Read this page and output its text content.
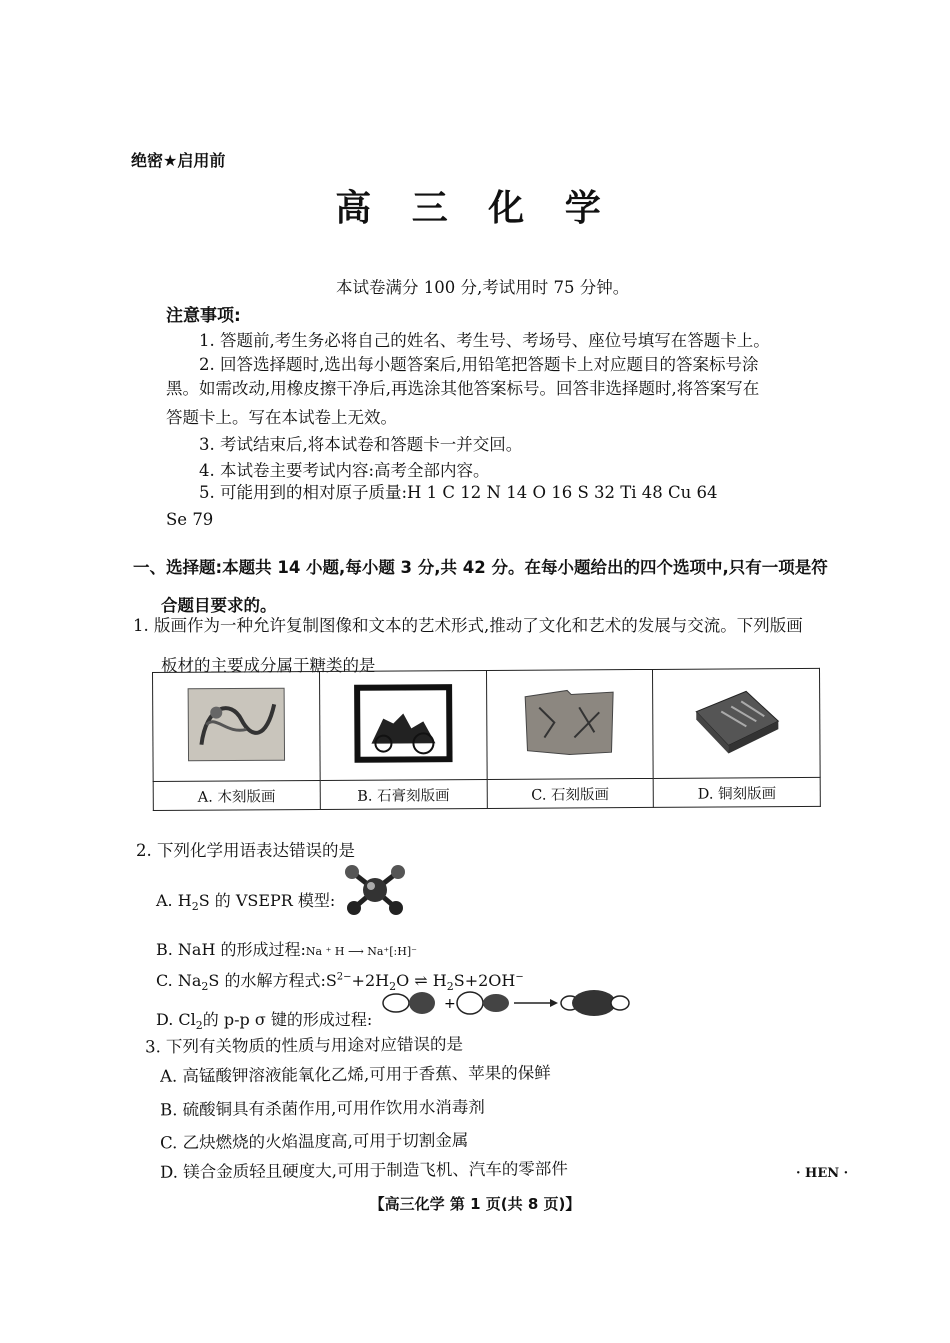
绝密★启用前
高 三 化 学
本试卷满分 100 分,考试用时 75 分钟。
注意事项:
1. 答题前,考生务必将自己的姓名、考生号、考场号、座位号填写在答题卡上。
2. 回答选择题时,选出每小题答案后,用铅笔把答题卡上对应题目的答案标号涂
黑。如需改动,用橡皮擦干净后,再选涂其他答案标号。回答非选择题时,将答案写在
答题卡上。写在本试卷上无效。
3. 考试结束后,将本试卷和答题卡一并交回。
4. 本试卷主要考试内容:高考全部内容。
5. 可能用到的相对原子质量:H 1 C 12 N 14 O 16 S 32 Ti 48 Cu 64
Se 79
一、选择题:本题共 14 小题,每小题 3 分,共 42 分。在每小题给出的四个选项中,只有一项是符
合题目要求的。
1. 版画作为一种允许复制图像和文本的艺术形式,推动了文化和艺术的发展与交流。下列版画
板材的主要成分属于糖类的是

A. 木刻版画	B. 石膏刻版画	C. 石刻版画	D. 铜刻版画
2. 下列化学用语表达错误的是
A. $H_2S$ 的 VSEPR 模型:
B. NaH 的形成过程:Na ⁺ H ⟶ Na⁺[:H]⁻
C. $Na_2S$ 的水解方程式$:S^{2-}+2H_2O$ ⇌ $H_2S+2OH^-$
D. $Cl_2$的 p-p σ 键的形成过程:
+
3. 下列有关物质的性质与用途对应错误的是
A. 高锰酸钾溶液能氧化乙烯,可用于香蕉、苹果的保鲜
B. 硫酸铜具有杀菌作用,可用作饮用水消毒剂
C. 乙炔燃烧的火焰温度高,可用于切割金属
D. 镁合金质轻且硬度大,可用于制造飞机、汽车的零部件	· HEN ·
【高三化学 第 1 页(共 8 页)】
